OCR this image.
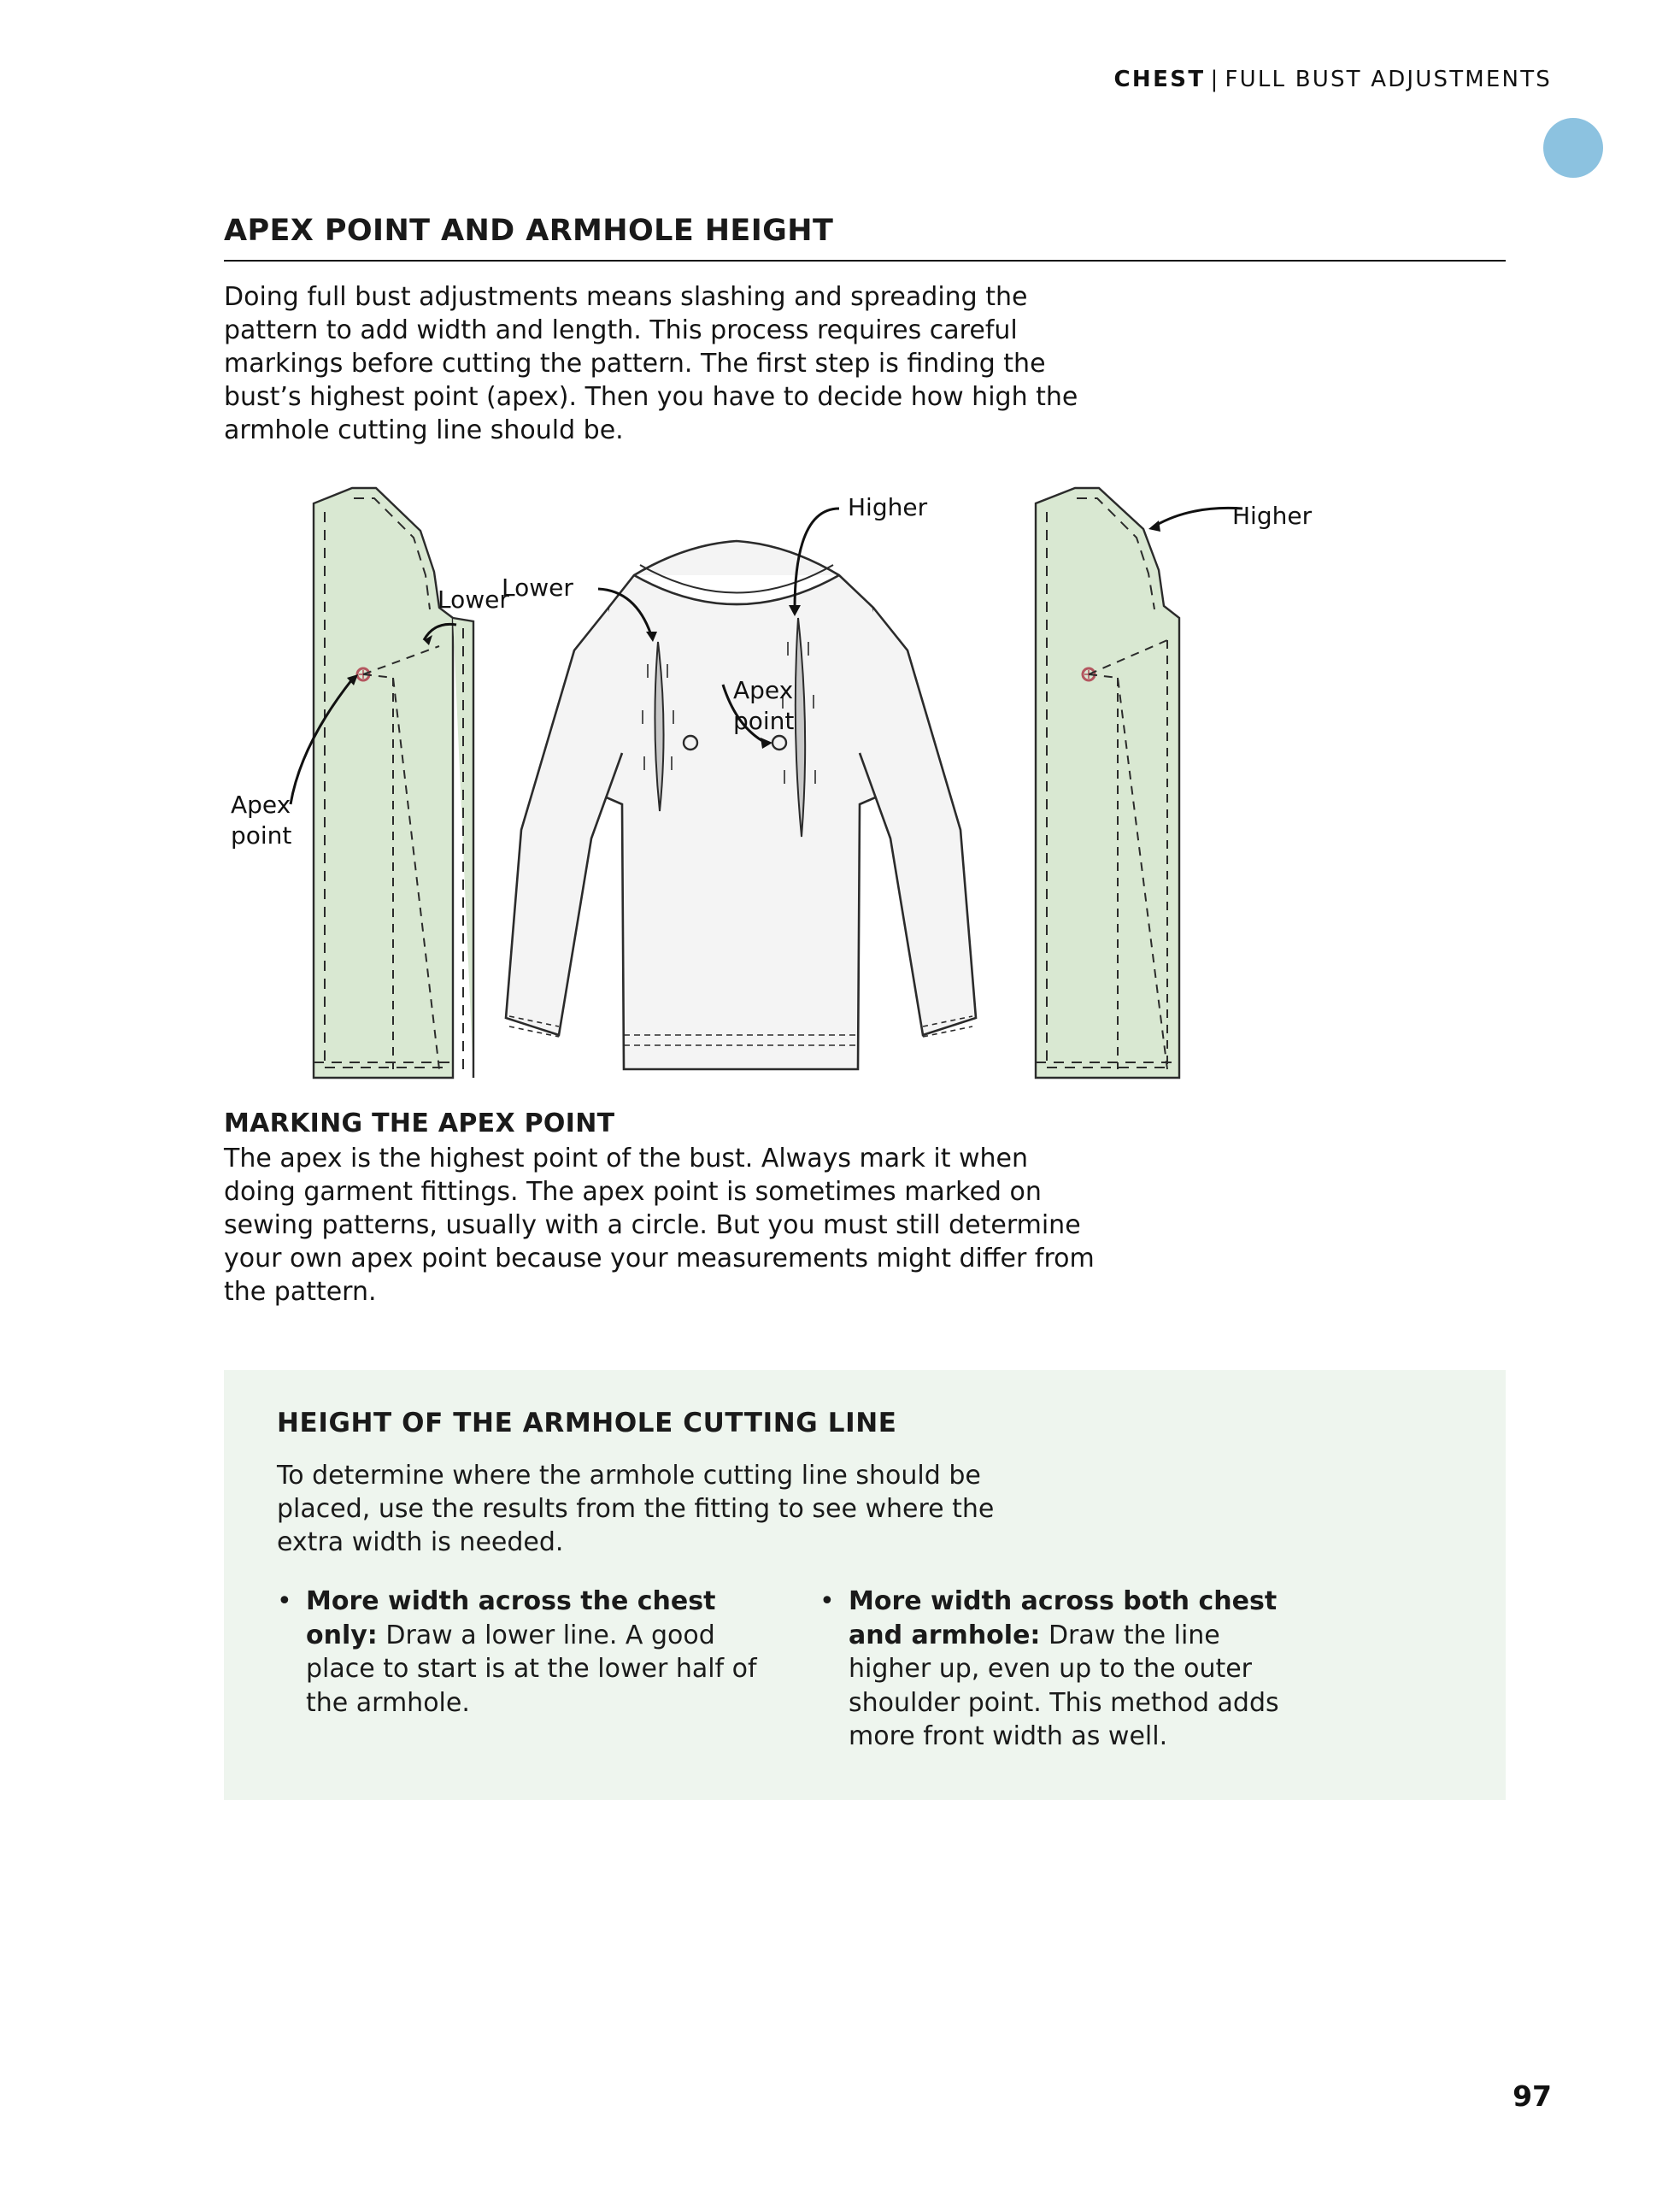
CHEST | FULL BUST ADJUSTMENTS
APEX POINT AND ARMHOLE HEIGHT

Doing full bust adjustments means slashing and spreading the pattern to add width and length. This process requires careful markings before cutting the pattern. The first step is finding the bust’s highest point (apex). Then you have to decide how high the armhole cutting line should be.

Lower
Apex
point
Lower
Higher
Apex
point
Higher
MARKING THE APEX POINT

The apex is the highest point of the bust. Always mark it when doing garment fittings. The apex point is sometimes marked on sewing patterns, usually with a circle. But you must still determine your own apex point because your measurements might differ from the pattern.

HEIGHT OF THE ARMHOLE CUTTING LINE

To determine where the armhole cutting line should be placed, use the results from the fitting to see where the extra width is needed.

• More width across the chest only: Draw a lower line. A good place to start is at the lower half of the armhole.
• More width across both chest and armhole: Draw the line higher up, even up to the outer shoulder point. This method adds more front width as well.
97
